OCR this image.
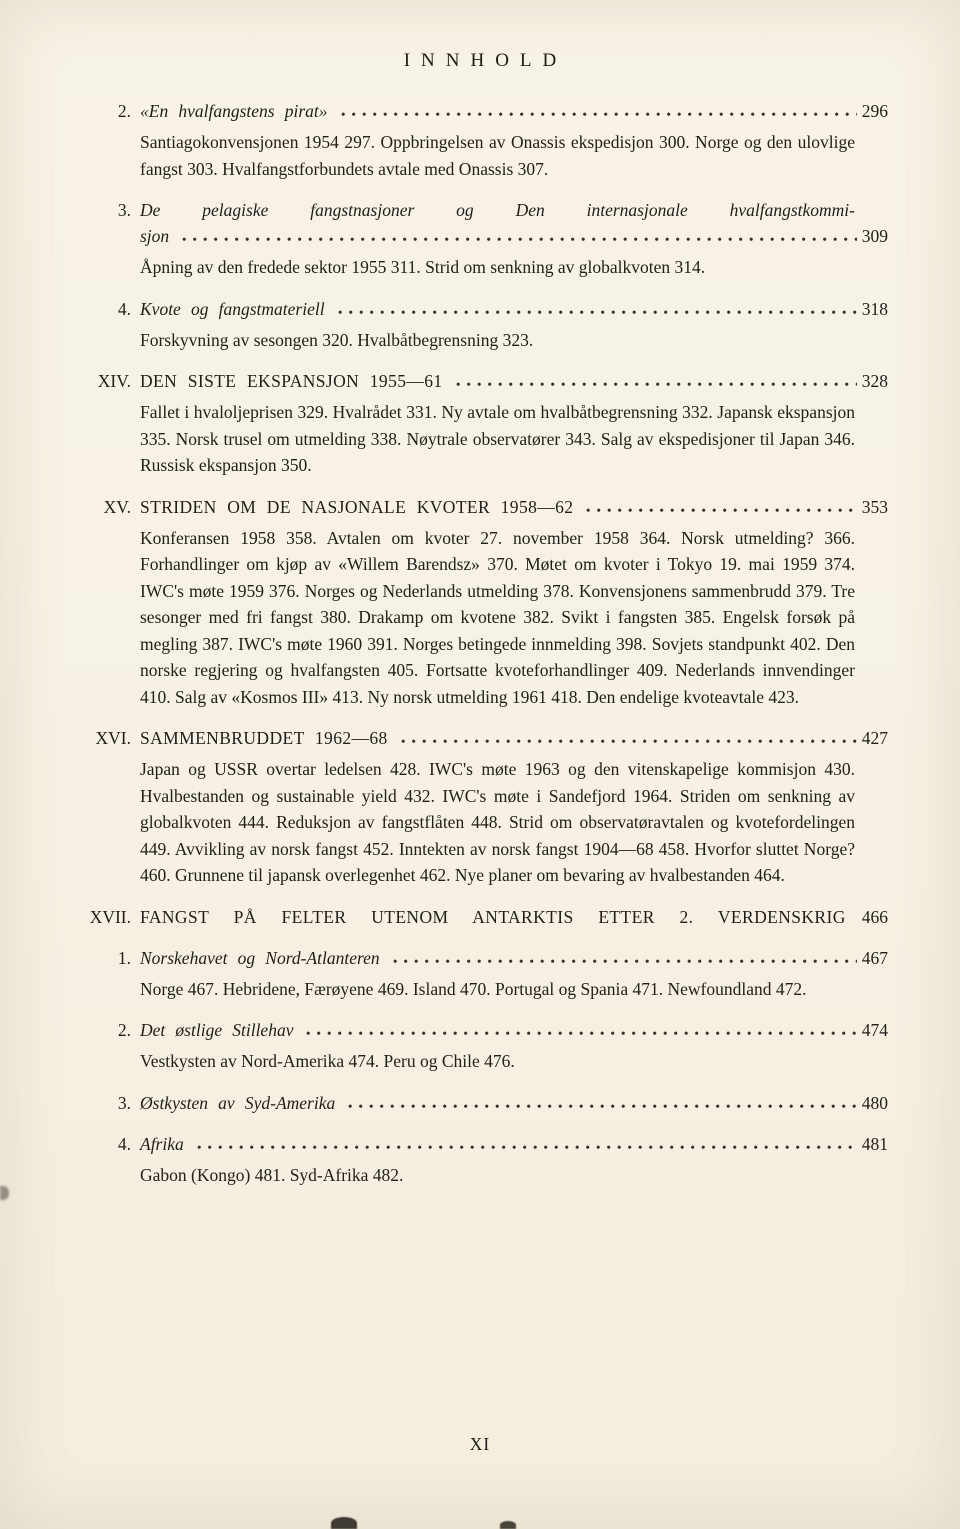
INNHOLD
2. «En hvalfangstens pirat»	296

Santiagokonvensjonen 1954 297. Oppbringelsen av Onassis ekspedisjon 300. Norge og den ulovlige fangst 303. Hvalfangstforbundets avtale med Onassis 307.

3. De pelagiske fangstnasjoner og Den internasjonale hvalfangstkommi-
sjon	309

Åpning av den fredede sektor 1955 311. Strid om senkning av globalkvoten 314.

4. Kvote og fangstmateriell	318

Forskyvning av sesongen 320. Hvalbåtbegrensning 323.

XIV. DEN SISTE EKSPANSJON 1955—61	328

Fallet i hvaloljeprisen 329. Hvalrådet 331. Ny avtale om hvalbåtbegrensning 332. Japansk ekspansjon 335. Norsk trusel om utmelding 338. Nøytrale observatører 343. Salg av ekspedisjoner til Japan 346. Russisk ekspansjon 350.

XV. STRIDEN OM DE NASJONALE KVOTER 1958—62	353

Konferansen 1958 358. Avtalen om kvoter 27. november 1958 364. Norsk utmelding? 366. Forhandlinger om kjøp av «Willem Barendsz» 370. Møtet om kvoter i Tokyo 19. mai 1959 374. IWC's møte 1959 376. Norges og Nederlands utmelding 378. Konvensjonens sammenbrudd 379. Tre sesonger med fri fangst 380. Drakamp om kvotene 382. Svikt i fangsten 385. Engelsk forsøk på megling 387. IWC's møte 1960 391. Norges betingede innmelding 398. Sovjets standpunkt 402. Den norske regjering og hvalfangsten 405. Fortsatte kvoteforhandlinger 409. Nederlands innvendinger 410. Salg av «Kosmos III» 413. Ny norsk utmelding 1961 418. Den endelige kvoteavtale 423.

XVI. SAMMENBRUDDET 1962—68	427

Japan og USSR overtar ledelsen 428. IWC's møte 1963 og den vitenskapelige kommisjon 430. Hvalbestanden og sustainable yield 432. IWC's møte i Sandefjord 1964. Striden om senkning av globalkvoten 444. Reduksjon av fangstflåten 448. Strid om observatøravtalen og kvotefordelingen 449. Avvikling av norsk fangst 452. Inntekten av norsk fangst 1904—68 458. Hvorfor sluttet Norge? 460. Grunnene til japansk overlegenhet 462. Nye planer om bevaring av hvalbestanden 464.

XVII. FANGST PÅ FELTER UTENOM ANTARKTIS ETTER 2. VERDENSKRIG 466
1. Norskehavet og Nord-Atlanteren	467

Norge 467. Hebridene, Færøyene 469. Island 470. Portugal og Spania 471. Newfoundland 472.

2. Det østlige Stillehav	474

Vestkysten av Nord-Amerika 474. Peru og Chile 476.

3. Østkysten av Syd-Amerika	480
4. Afrika	481

Gabon (Kongo) 481. Syd-Afrika 482.

XI
